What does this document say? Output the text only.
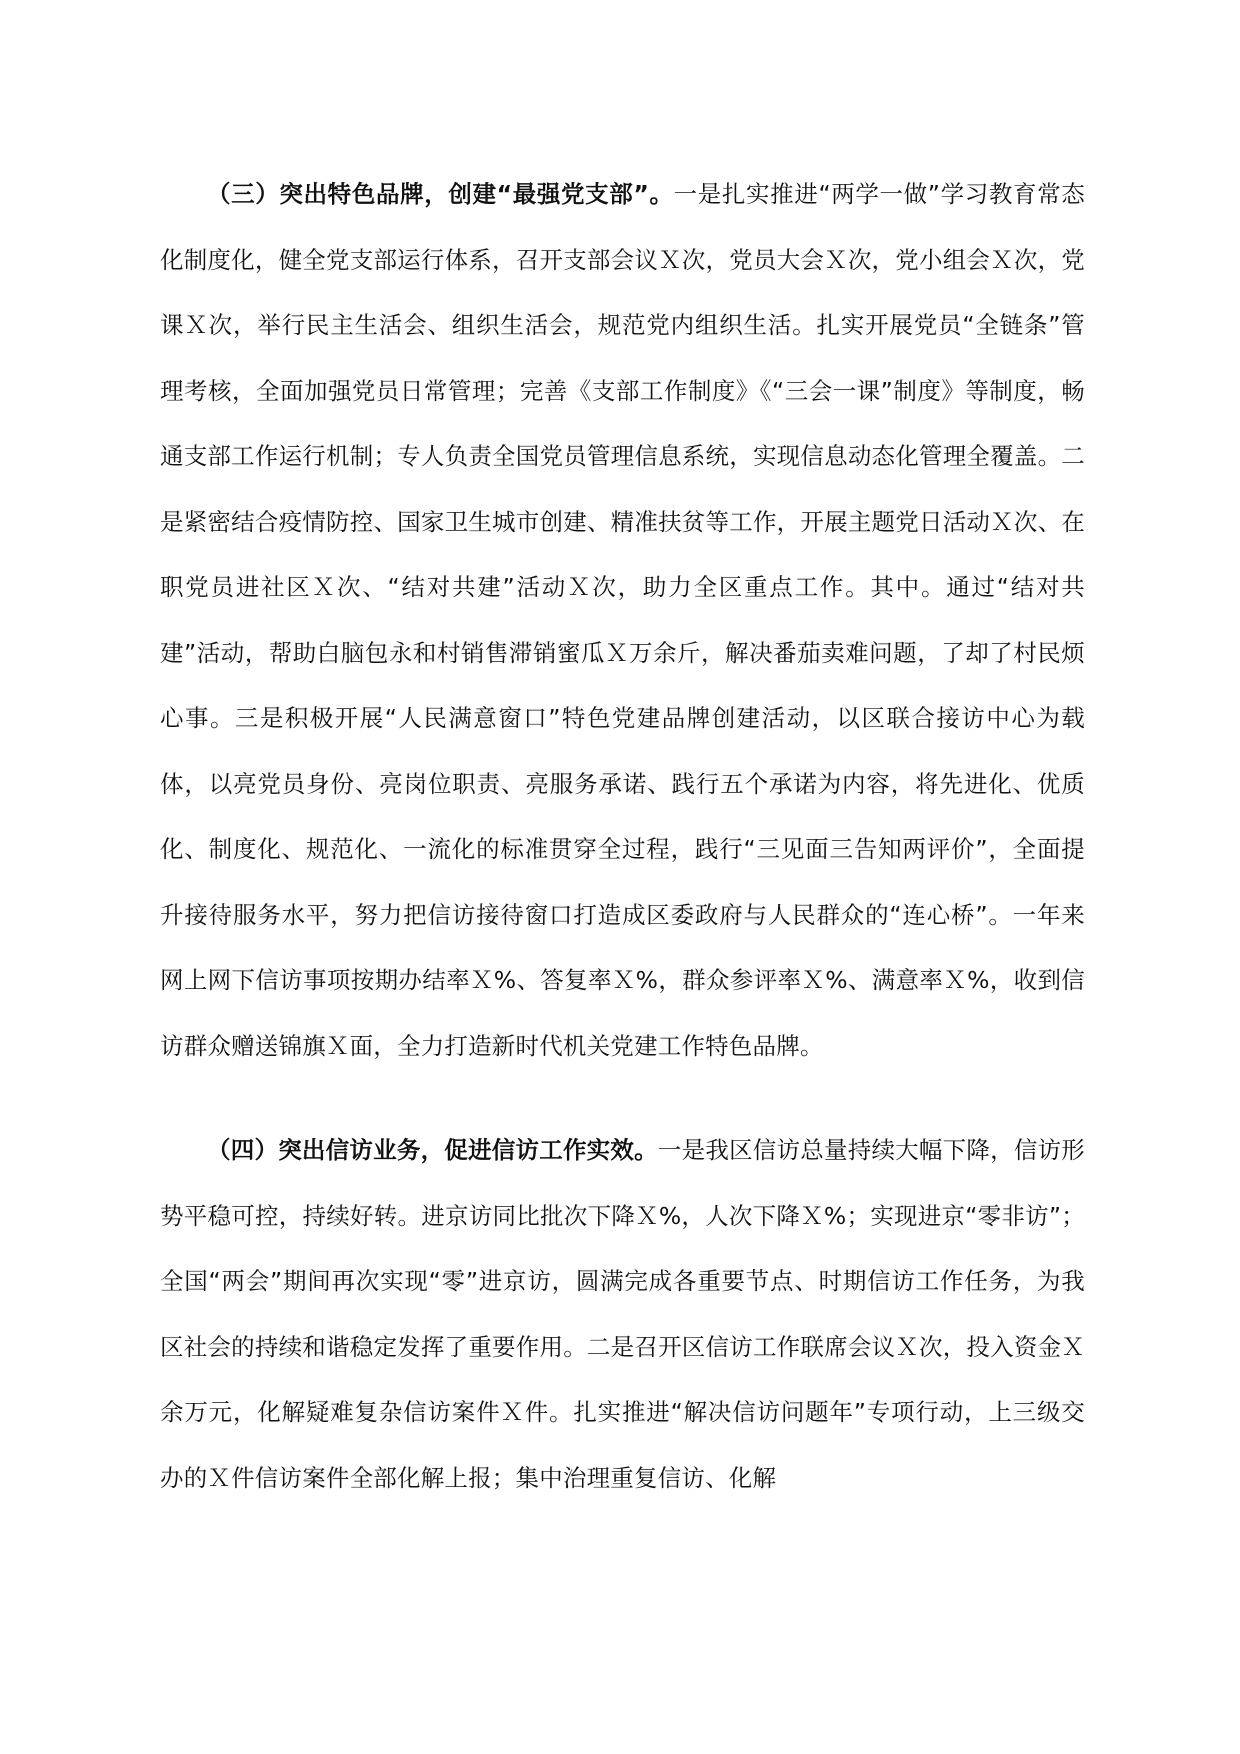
（三）突出特色品牌，创建“最强党支部”。一是扎实推进“两学一做”学习教育常态化制度化，健全党支部运行体系，召开支部会议Ｘ次，党员大会Ｘ次，党小组会Ｘ次，党课Ｘ次，举行民主生活会、组织生活会，规范党内组织生活。扎实开展党员“全链条”管理考核，全面加强党员日常管理；完善《支部工作制度》《“三会一课”制度》等制度，畅通支部工作运行机制；专人负责全国党员管理信息系统，实现信息动态化管理全覆盖。二是紧密结合疫情防控、国家卫生城市创建、精准扶贫等工作，开展主题党日活动Ｘ次、在职党员进社区Ｘ次、“结对共建”活动Ｘ次，助力全区重点工作。其中。通过“结对共建”活动，帮助白脑包永和村销售滞销蜜瓜Ｘ万余斤，解决番茄卖难问题，了却了村民烦心事。三是积极开展“人民满意窗口”特色党建品牌创建活动，以区联合接访中心为载体，以亮党员身份、亮岗位职责、亮服务承诺、践行五个承诺为内容，将先进化、优质化、制度化、规范化、一流化的标准贯穿全过程，践行“三见面三告知两评价”，全面提升接待服务水平，努力把信访接待窗口打造成区委政府与人民群众的“连心桥”。一年来网上网下信访事项按期办结率Ｘ%、答复率Ｘ%，群众参评率Ｘ%、满意率Ｘ%，收到信访群众赠送锦旗Ｘ面，全力打造新时代机关党建工作特色品牌。

（四）突出信访业务，促进信访工作实效。一是我区信访总量持续大幅下降，信访形势平稳可控，持续好转。进京访同比批次下降Ｘ%，人次下降Ｘ%；实现进京“零非访”；全国“两会”期间再次实现“零”进京访，圆满完成各重要节点、时期信访工作任务，为我区社会的持续和谐稳定发挥了重要作用。二是召开区信访工作联席会议Ｘ次，投入资金Ｘ余万元，化解疑难复杂信访案件Ｘ件。扎实推进“解决信访问题年”专项行动，上三级交办的Ｘ件信访案件全部化解上报；集中治理重复信访、化解
